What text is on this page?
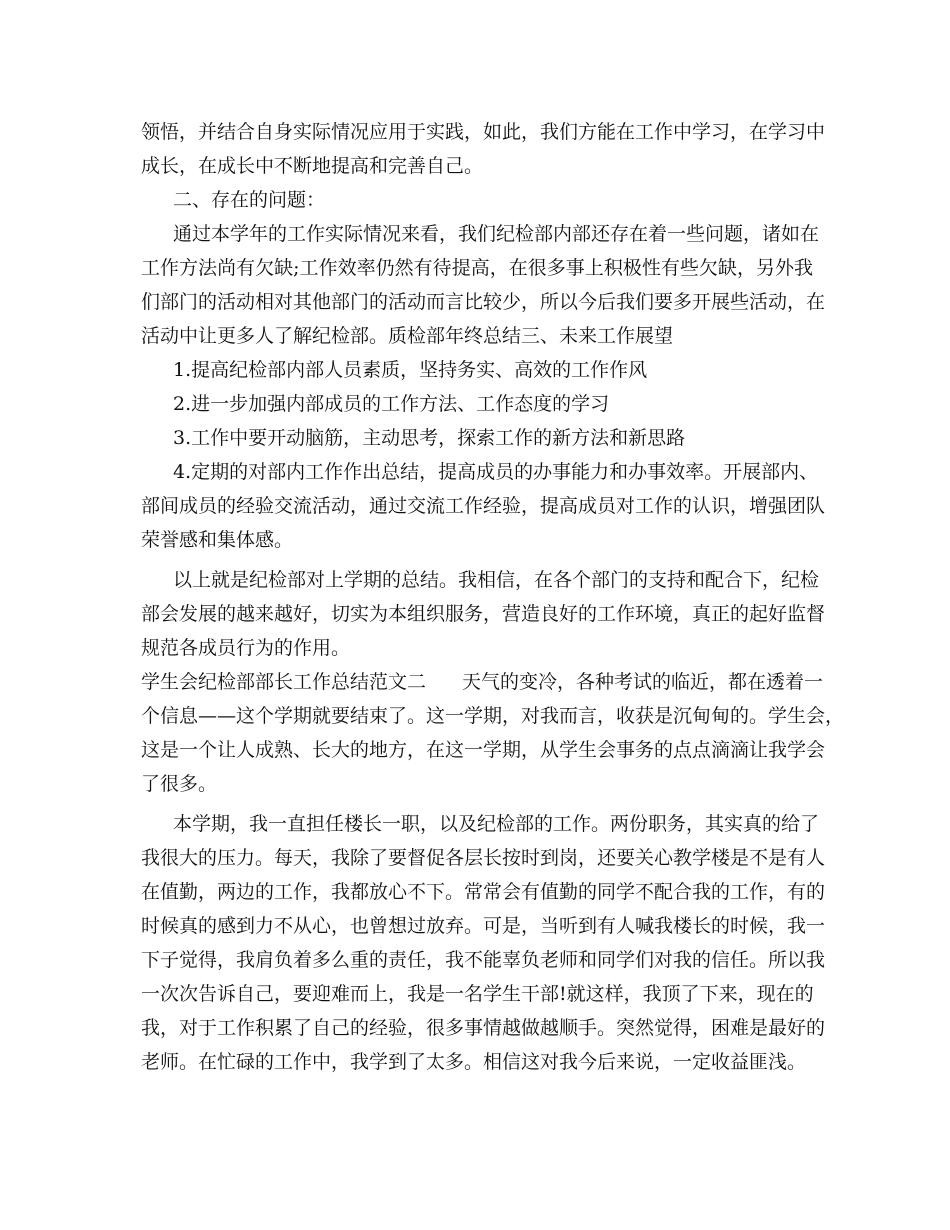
领悟，并结合自身实际情况应用于实践，如此，我们方能在工作中学习，在学习中

成长，在成长中不断地提高和完善自己。

二、存在的问题：

通过本学年的工作实际情况来看，我们纪检部内部还存在着一些问题，诸如在

工作方法尚有欠缺;工作效率仍然有待提高，在很多事上积极性有些欠缺，另外我

们部门的活动相对其他部门的活动而言比较少，所以今后我们要多开展些活动，在

活动中让更多人了解纪检部。质检部年终总结三、未来工作展望

1.提高纪检部内部人员素质，坚持务实、高效的工作作风

2.进一步加强内部成员的工作方法、工作态度的学习

3.工作中要开动脑筋，主动思考，探索工作的新方法和新思路

4.定期的对部内工作作出总结，提高成员的办事能力和办事效率。开展部内、

部间成员的经验交流活动，通过交流工作经验，提高成员对工作的认识，增强团队

荣誉感和集体感。

以上就是纪检部对上学期的总结。我相信，在各个部门的支持和配合下，纪检

部会发展的越来越好，切实为本组织服务，营造良好的工作环境，真正的起好监督

规范各成员行为的作用。

学生会纪检部部长工作总结范文二 天气的变冷，各种考试的临近，都在透着一

个信息——这个学期就要结束了。这一学期，对我而言，收获是沉甸甸的。学生会，

这是一个让人成熟、长大的地方，在这一学期，从学生会事务的点点滴滴让我学会

了很多。

本学期，我一直担任楼长一职，以及纪检部的工作。两份职务，其实真的给了

我很大的压力。每天，我除了要督促各层长按时到岗，还要关心教学楼是不是有人

在值勤，两边的工作，我都放心不下。常常会有值勤的同学不配合我的工作，有的

时候真的感到力不从心，也曾想过放弃。可是，当听到有人喊我楼长的时候，我一

下子觉得，我肩负着多么重的责任，我不能辜负老师和同学们对我的信任。所以我

一次次告诉自己，要迎难而上，我是一名学生干部!就这样，我顶了下来，现在的

我，对于工作积累了自己的经验，很多事情越做越顺手。突然觉得，困难是最好的

老师。在忙碌的工作中，我学到了太多。相信这对我今后来说，一定收益匪浅。
